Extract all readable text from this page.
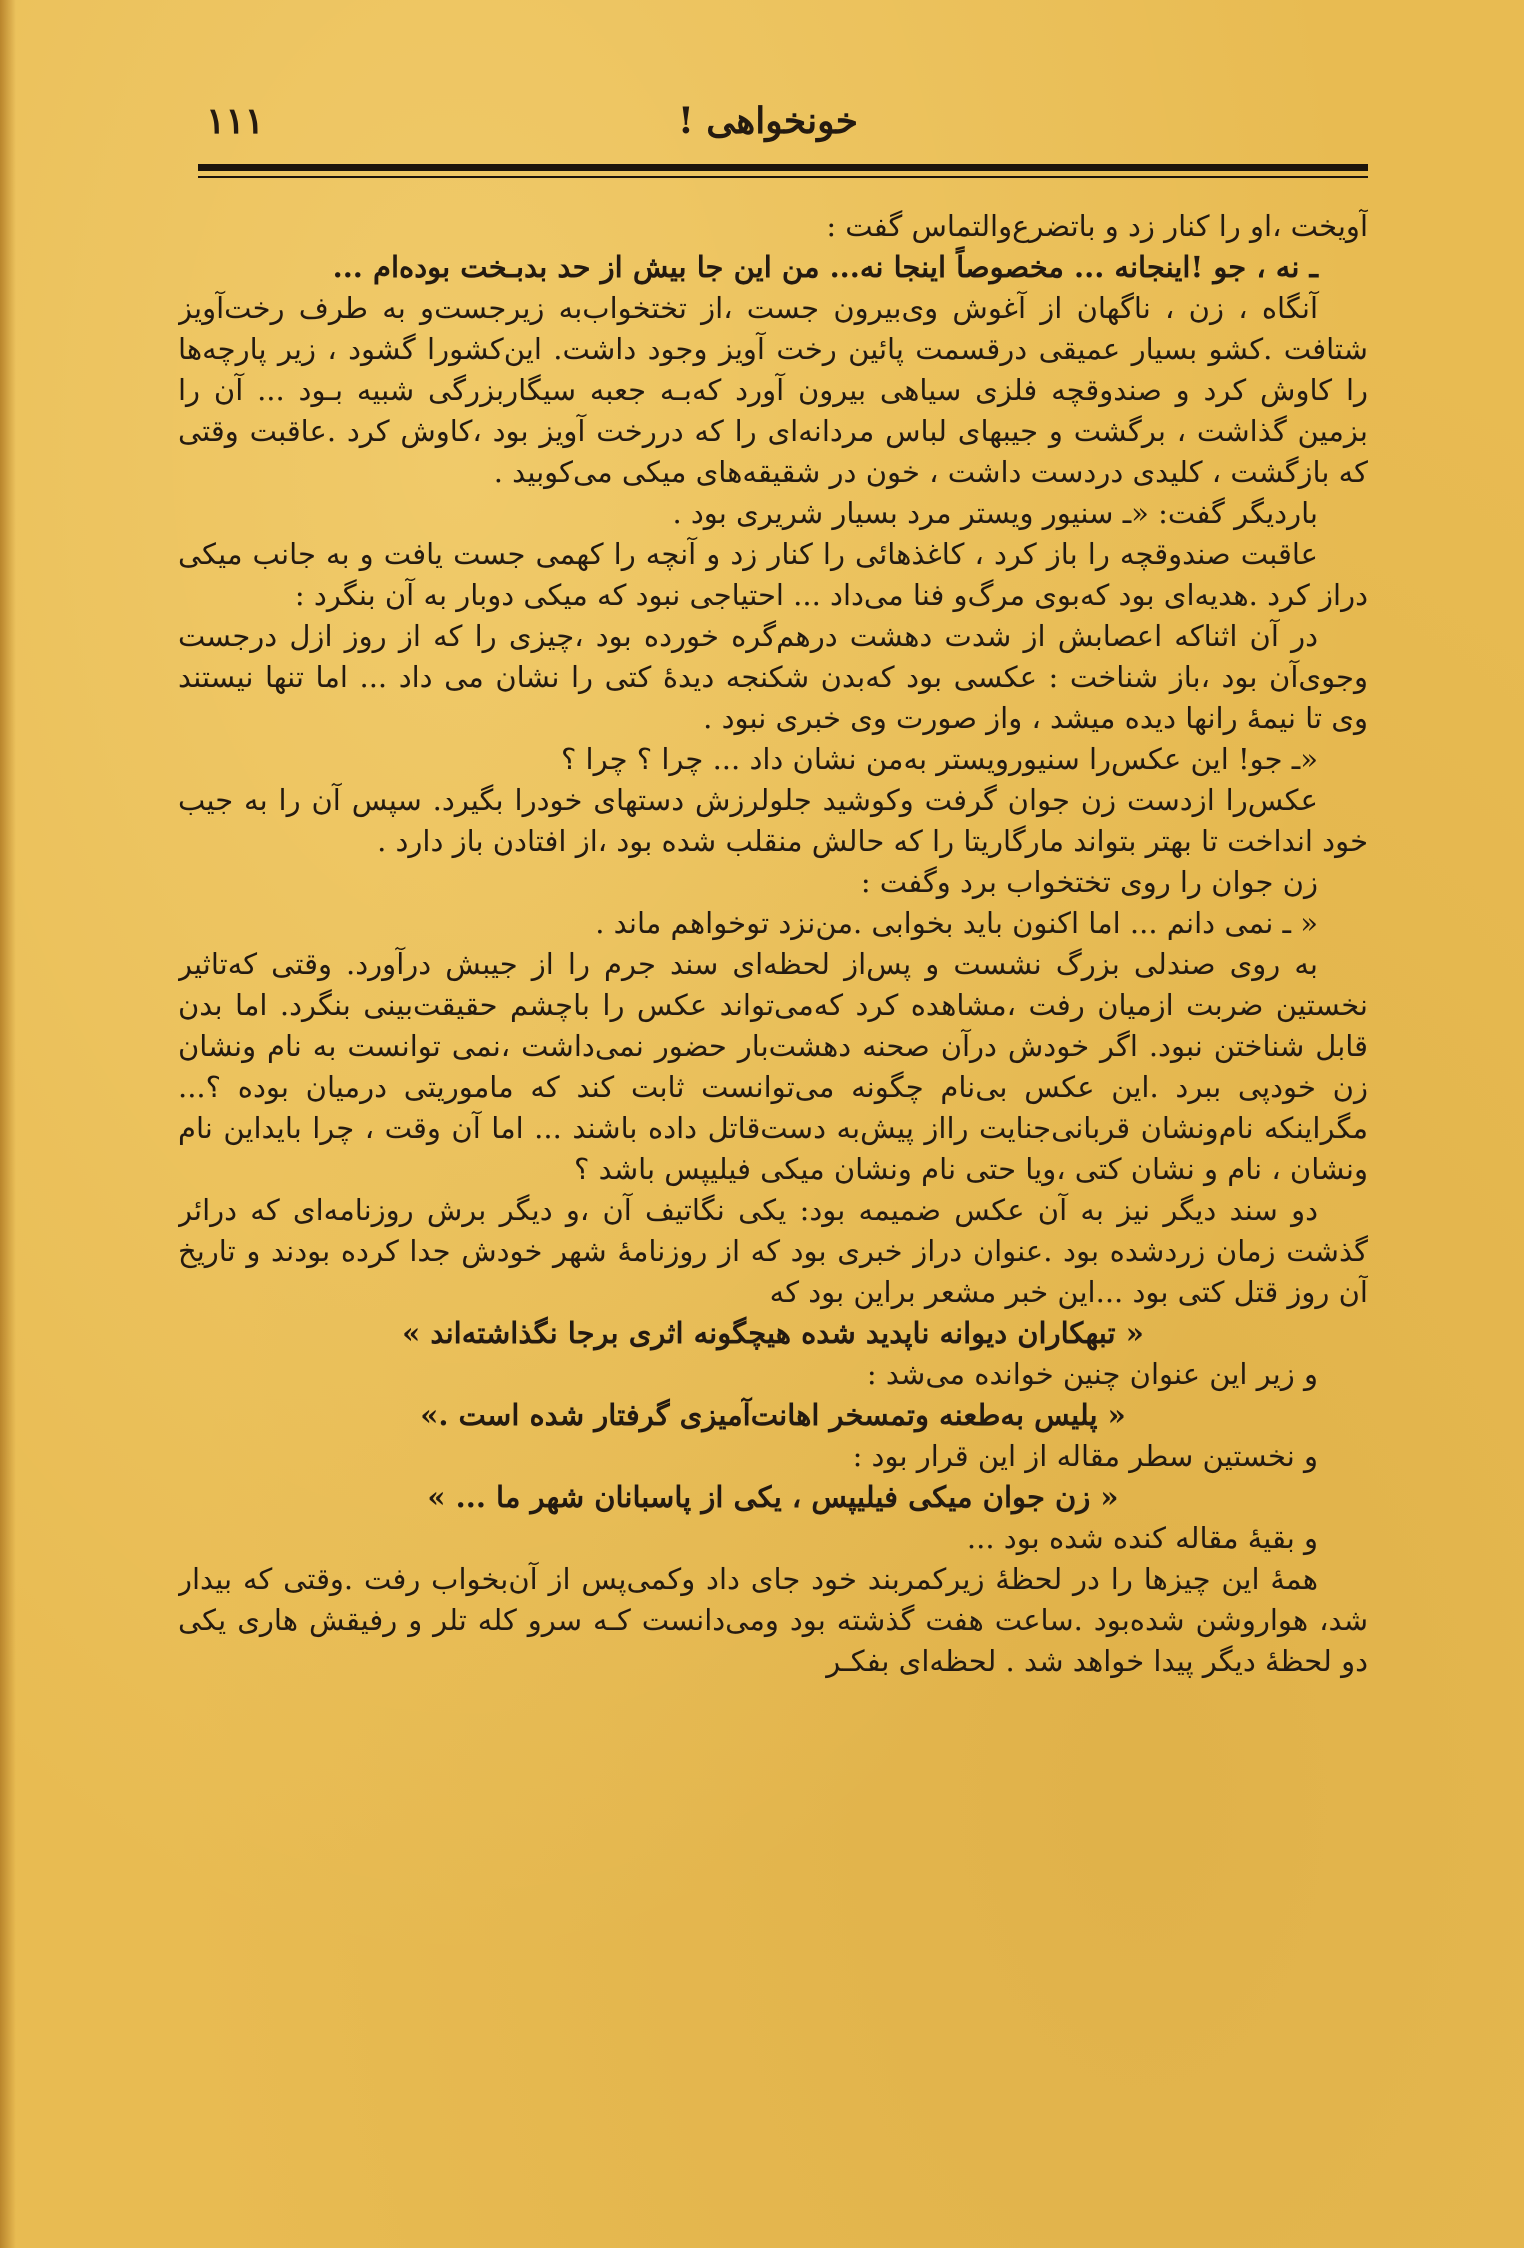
خونخواهی !
۱۱۱

آویخت ،او را کنار زد و باتضرع‌والتماس گفت :

ـ نه ، جو !اینجانه ... مخصوصاً اینجا نه... من این جا بیش از حد بدبـخت بوده‌ام ...

آنگاه ، زن ، ناگهان از آغوش وی‌بیرون جست ،از تختخواب‌به زیرجست‌و به طرف رخت‌آویز شتافت .کشو بسیار عمیقی درقسمت پائین رخت آویز وجود داشت. این‌کشورا گشود ، زیر پارچه‌ها را کاوش کرد و صندوقچه فلزی سیاهی بیرون آورد که‌بـه جعبه سیگاربزرگی شبیه بـود ... آن را بزمین گذاشت ، برگشت و جیبهای لباس مردانه‌ای را که دررخت آویز بود ،کاوش کرد .عاقبت وقتی که بازگشت ، کلیدی دردست داشت ، خون در شقیقه‌های میکی می‌کوبید .

باردیگر گفت: «ـ سنیور ویستر مرد بسیار شریری بود .

عاقبت صندوقچه را باز کرد ، کاغذهائی را کنار زد و آنچه را کهمی جست یافت و به جانب میکی دراز کرد .هدیه‌ای بود که‌بوی مرگ‌و فنا می‌داد ... احتیاجی نبود که میکی دوبار به آن بنگرد :

در آن اثناکه اعصابش از شدت دهشت درهم‌گره خورده بود ،چیزی را که از روز ازل درجست وجوی‌آن بود ،باز شناخت : عکسی بود که‌بدن شکنجه دیدهٔ کتی را نشان می داد ... اما تنها نیستند وی تا نیمهٔ رانها دیده میشد ، واز صورت وی خبری نبود .

«ـ جو! این عکس‌را سنیورویستر به‌من نشان داد ... چرا ؟ چرا ؟

عکس‌را ازدست زن جوان گرفت وکوشید جلولرزش دستهای خودرا بگیرد. سپس آن را به جیب خود انداخت تا بهتر بتواند مارگاریتا را که حالش منقلب شده بود ،از افتادن باز دارد .

زن جوان را روی تختخواب برد وگفت :

« ـ نمی دانم ... اما اکنون باید بخوابی .من‌نزد توخواهم ماند .

به روی صندلی بزرگ نشست و پس‌از لحظه‌ای سند جرم را از جیبش درآورد. وقتی که‌تاثیر نخستین ضربت ازمیان رفت ،مشاهده کرد که‌می‌تواند عکس را باچشم حقیقت‌بینی بنگرد. اما بدن قابل شناختن نبود. اگر خودش درآن صحنه دهشت‌بار حضور نمی‌داشت ،نمی توانست به نام ونشان زن خودپی ببرد .این عکس بی‌نام چگونه می‌توانست ثابت کند که ماموریتی درمیان بوده ؟... مگراینکه نام‌ونشان قربانی‌جنایت رااز پیش‌به دست‌قاتل داده باشند ... اما آن وقت ، چرا بایداین نام ونشان ، نام و نشان کتی ،ویا حتی نام ونشان میکی فیلیپس باشد ؟

دو سند دیگر نیز به آن عکس ضمیمه بود: یکی نگاتیف آن ،و دیگر برش روزنامه‌ای که درائر گذشت زمان زردشده بود .عنوان دراز خبری بود که از روزنامهٔ شهر خودش جدا کرده بودند و تاریخ آن روز قتل کتی بود ...این خبر مشعر براین بود که

« تبهکاران دیوانه ناپدید شده هیچگونه اثری برجا نگذاشته‌اند »

و زیر این عنوان چنین خوانده می‌شد :

« پلیس به‌طعنه وتمسخر اهانت‌آمیزی گرفتار شده است .»

و نخستین سطر مقاله از این قرار بود :

« زن جوان میکی فیلیپس ، یکی از پاسبانان شهر ما ... »

و بقیهٔ مقاله کنده شده بود ...

همهٔ این چیزها را در لحظهٔ زیرکمربند خود جای داد وکمی‌پس از آن‌بخواب رفت .وقتی که بیدار شد، هواروشن شده‌بود .ساعت هفت گذشته بود ومی‌دانست کـه سرو کله تلر و رفیقش هاری یکی دو لحظهٔ دیگر پیدا خواهد شد . لحظه‌ای بفکـر
